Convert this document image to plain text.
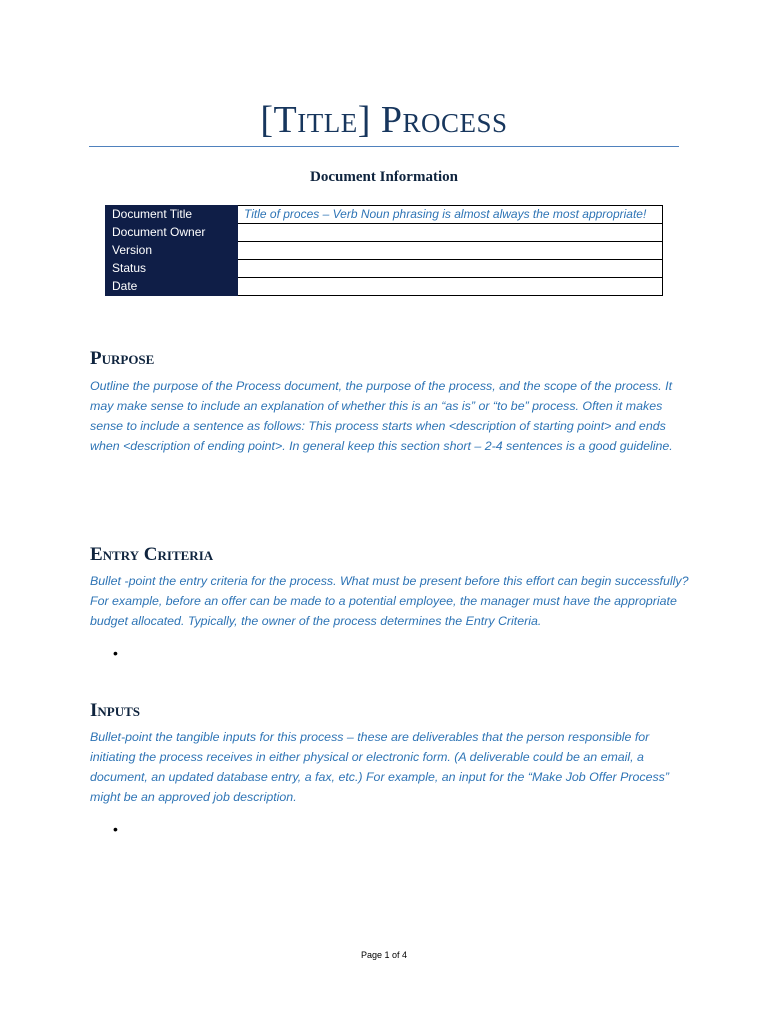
[Title] Process
Document Information
Document Title	Title of proces – Verb Noun phrasing is almost always the most appropriate!
Document Owner	
Version	
Status	
Date	
Purpose
Outline the purpose of the Process document, the purpose of the process, and the scope of the process. It may make sense to include an explanation of whether this is an “as is” or “to be” process. Often it makes sense to include a sentence as follows: This process starts when <description of starting point> and ends when <description of ending point>. In general keep this section short – 2-4 sentences is a good guideline.
Entry Criteria
Bullet -point the entry criteria for the process. What must be present before this effort can begin successfully? For example, before an offer can be made to a potential employee, the manager must have the appropriate budget allocated. Typically, the owner of the process determines the Entry Criteria.
•
Inputs
Bullet-point the tangible inputs for this process – these are deliverables that the person responsible for initiating the process receives in either physical or electronic form. (A deliverable could be an email, a document, an updated database entry, a fax, etc.) For example, an input for the “Make Job Offer Process” might be an approved job description.
•
Page 1 of 4
